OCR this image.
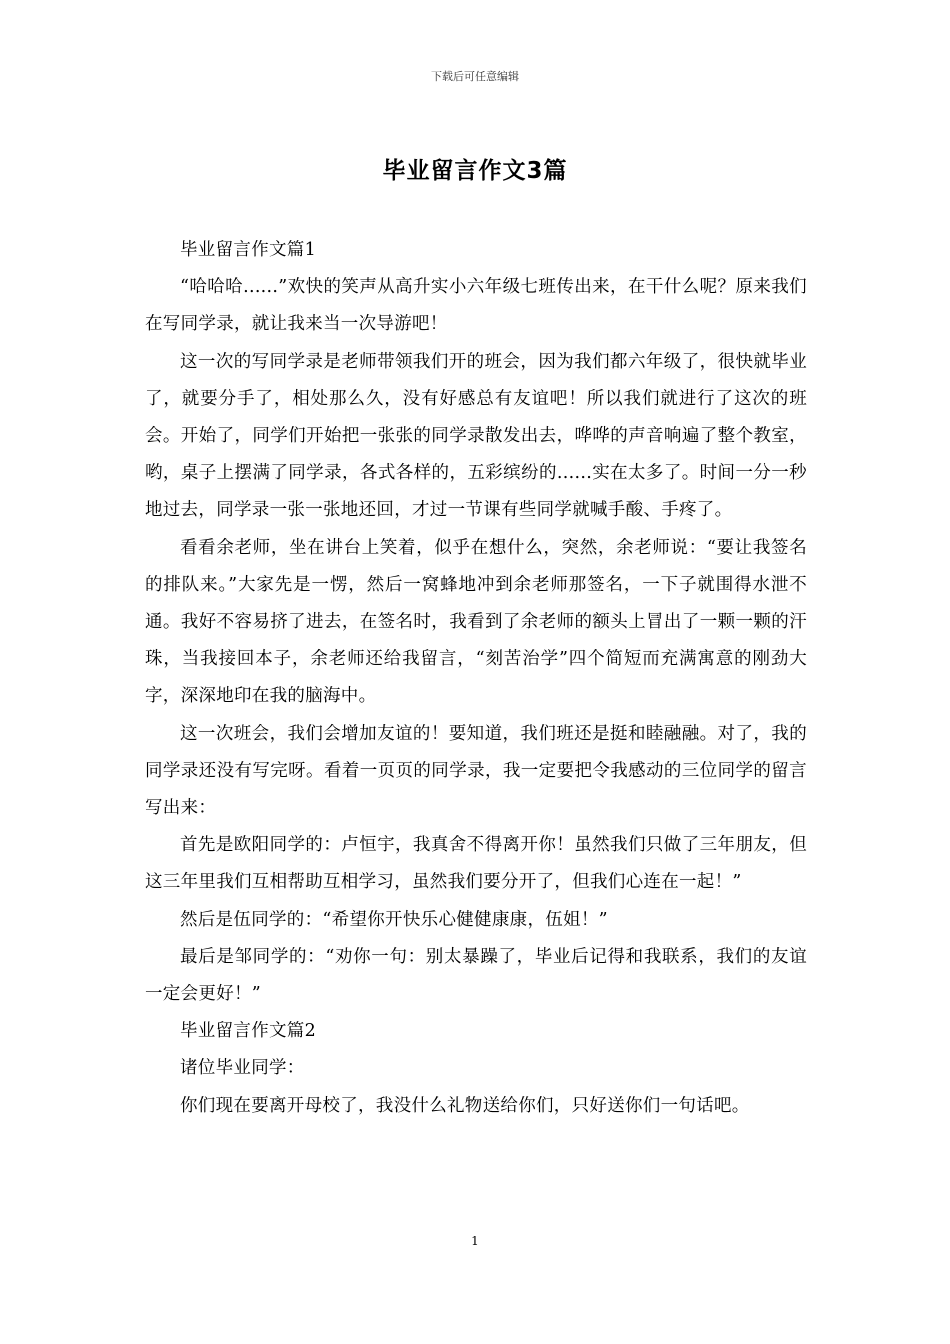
下载后可任意编辑
毕业留言作文3篇

毕业留言作文篇1

“哈哈哈......”欢快的笑声从高升实小六年级七班传出来，在干什么呢？原来我们在写同学录，就让我来当一次导游吧！

这一次的写同学录是老师带领我们开的班会，因为我们都六年级了，很快就毕业了，就要分手了，相处那么久，没有好感总有友谊吧！所以我们就进行了这次的班会。开始了，同学们开始把一张张的同学录散发出去，哗哗的声音响遍了整个教室，哟，桌子上摆满了同学录，各式各样的，五彩缤纷的......实在太多了。时间一分一秒地过去，同学录一张一张地还回，才过一节课有些同学就喊手酸、手疼了。

看看余老师，坐在讲台上笑着，似乎在想什么，突然，余老师说：“要让我签名的排队来。”大家先是一愣，然后一窝蜂地冲到余老师那签名，一下子就围得水泄不通。我好不容易挤了进去，在签名时，我看到了余老师的额头上冒出了一颗一颗的汗珠，当我接回本子，余老师还给我留言，“刻苦治学”四个简短而充满寓意的刚劲大字，深深地印在我的脑海中。

这一次班会，我们会增加友谊的！要知道，我们班还是挺和睦融融。对了，我的同学录还没有写完呀。看着一页页的同学录，我一定要把令我感动的三位同学的留言写出来：

首先是欧阳同学的：卢恒宇，我真舍不得离开你！虽然我们只做了三年朋友，但这三年里我们互相帮助互相学习，虽然我们要分开了，但我们心连在一起！”

然后是伍同学的：“希望你开快乐心健健康康，伍姐！”

最后是邹同学的：“劝你一句：别太暴躁了，毕业后记得和我联系，我们的友谊一定会更好！”

毕业留言作文篇2

诸位毕业同学：

你们现在要离开母校了，我没什么礼物送给你们，只好送你们一句话吧。

1
